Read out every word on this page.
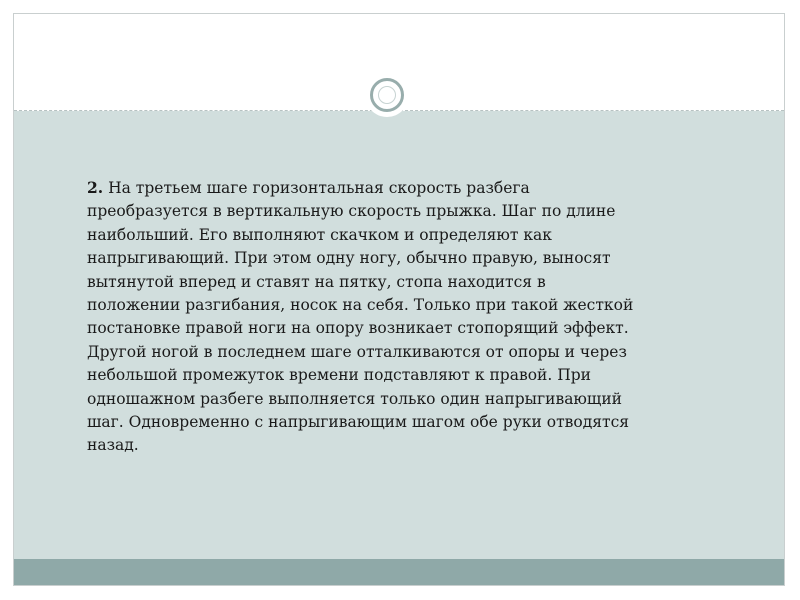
2. На третьем шаге горизонтальная скорость разбега
преобразуется в вертикальную скорость прыжка. Шаг по длине
наибольший. Его выполняют скачком и определяют как
напрыгивающий. При этом одну ногу, обычно правую, выносят
вытянутой вперед и ставят на пятку, стопа находится в
положении разгибания, носок на себя. Только при такой жесткой
постановке правой ноги на опору возникает стопорящий эффект.
Другой ногой в последнем шаге отталкиваются от опоры и через
небольшой промежуток времени подставляют к правой. При
одношажном разбеге выполняется только один напрыгивающий
шаг. Одновременно с напрыгивающим шагом обе руки отводятся
назад.
